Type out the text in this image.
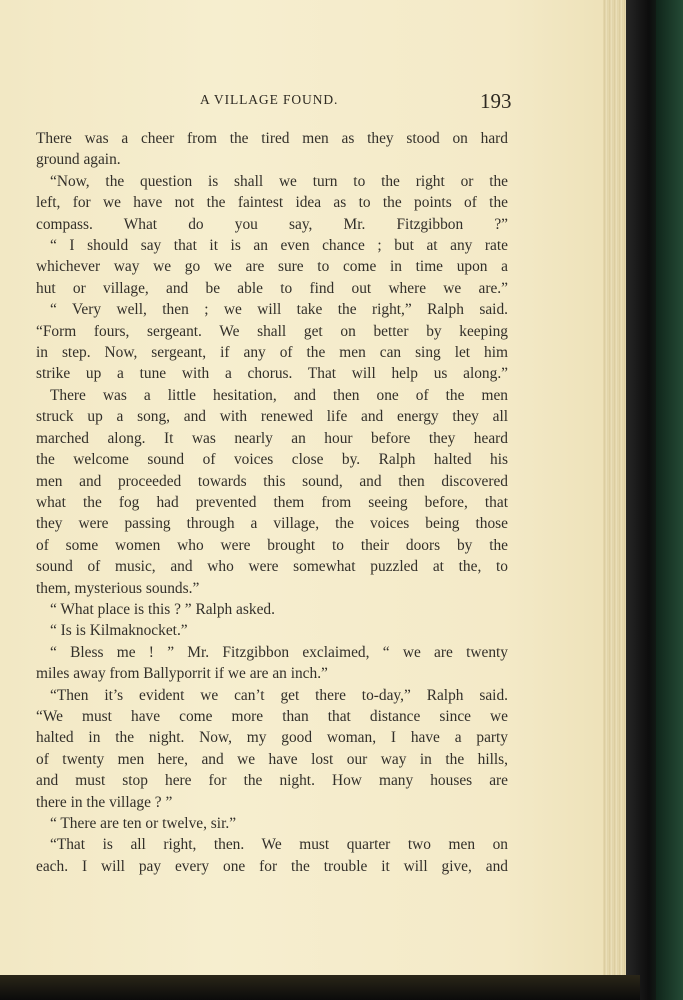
A VILLAGE FOUND.	193
There was a cheer from the tired men as they stood on hard
ground again.
“Now, the question is shall we turn to the right or the
left, for we have not the faintest idea as to the points of the
compass. What do you say, Mr. Fitzgibbon ?”
“ I should say that it is an even chance ; but at any rate
whichever way we go we are sure to come in time upon a
hut or village, and be able to find out where we are.”
“ Very well, then ; we will take the right,” Ralph said.
“Form fours, sergeant. We shall get on better by keeping
in step. Now, sergeant, if any of the men can sing let him
strike up a tune with a chorus. That will help us along.”
There was a little hesitation, and then one of the men
struck up a song, and with renewed life and energy they all
marched along. It was nearly an hour before they heard
the welcome sound of voices close by. Ralph halted his
men and proceeded towards this sound, and then discovered
what the fog had prevented them from seeing before, that
they were passing through a village, the voices being those
of some women who were brought to their doors by the
sound of music, and who were somewhat puzzled at the, to
them, mysterious sounds.”
“ What place is this ? ” Ralph asked.
“ Is is Kilmaknocket.”
“ Bless me ! ” Mr. Fitzgibbon exclaimed, “ we are twenty
miles away from Ballyporrit if we are an inch.”
“Then it’s evident we can’t get there to-day,” Ralph said.
“We must have come more than that distance since we
halted in the night. Now, my good woman, I have a party
of twenty men here, and we have lost our way in the hills,
and must stop here for the night. How many houses are
there in the village ? ”
“ There are ten or twelve, sir.”
“That is all right, then. We must quarter two men on
each. I will pay every one for the trouble it will give, and
